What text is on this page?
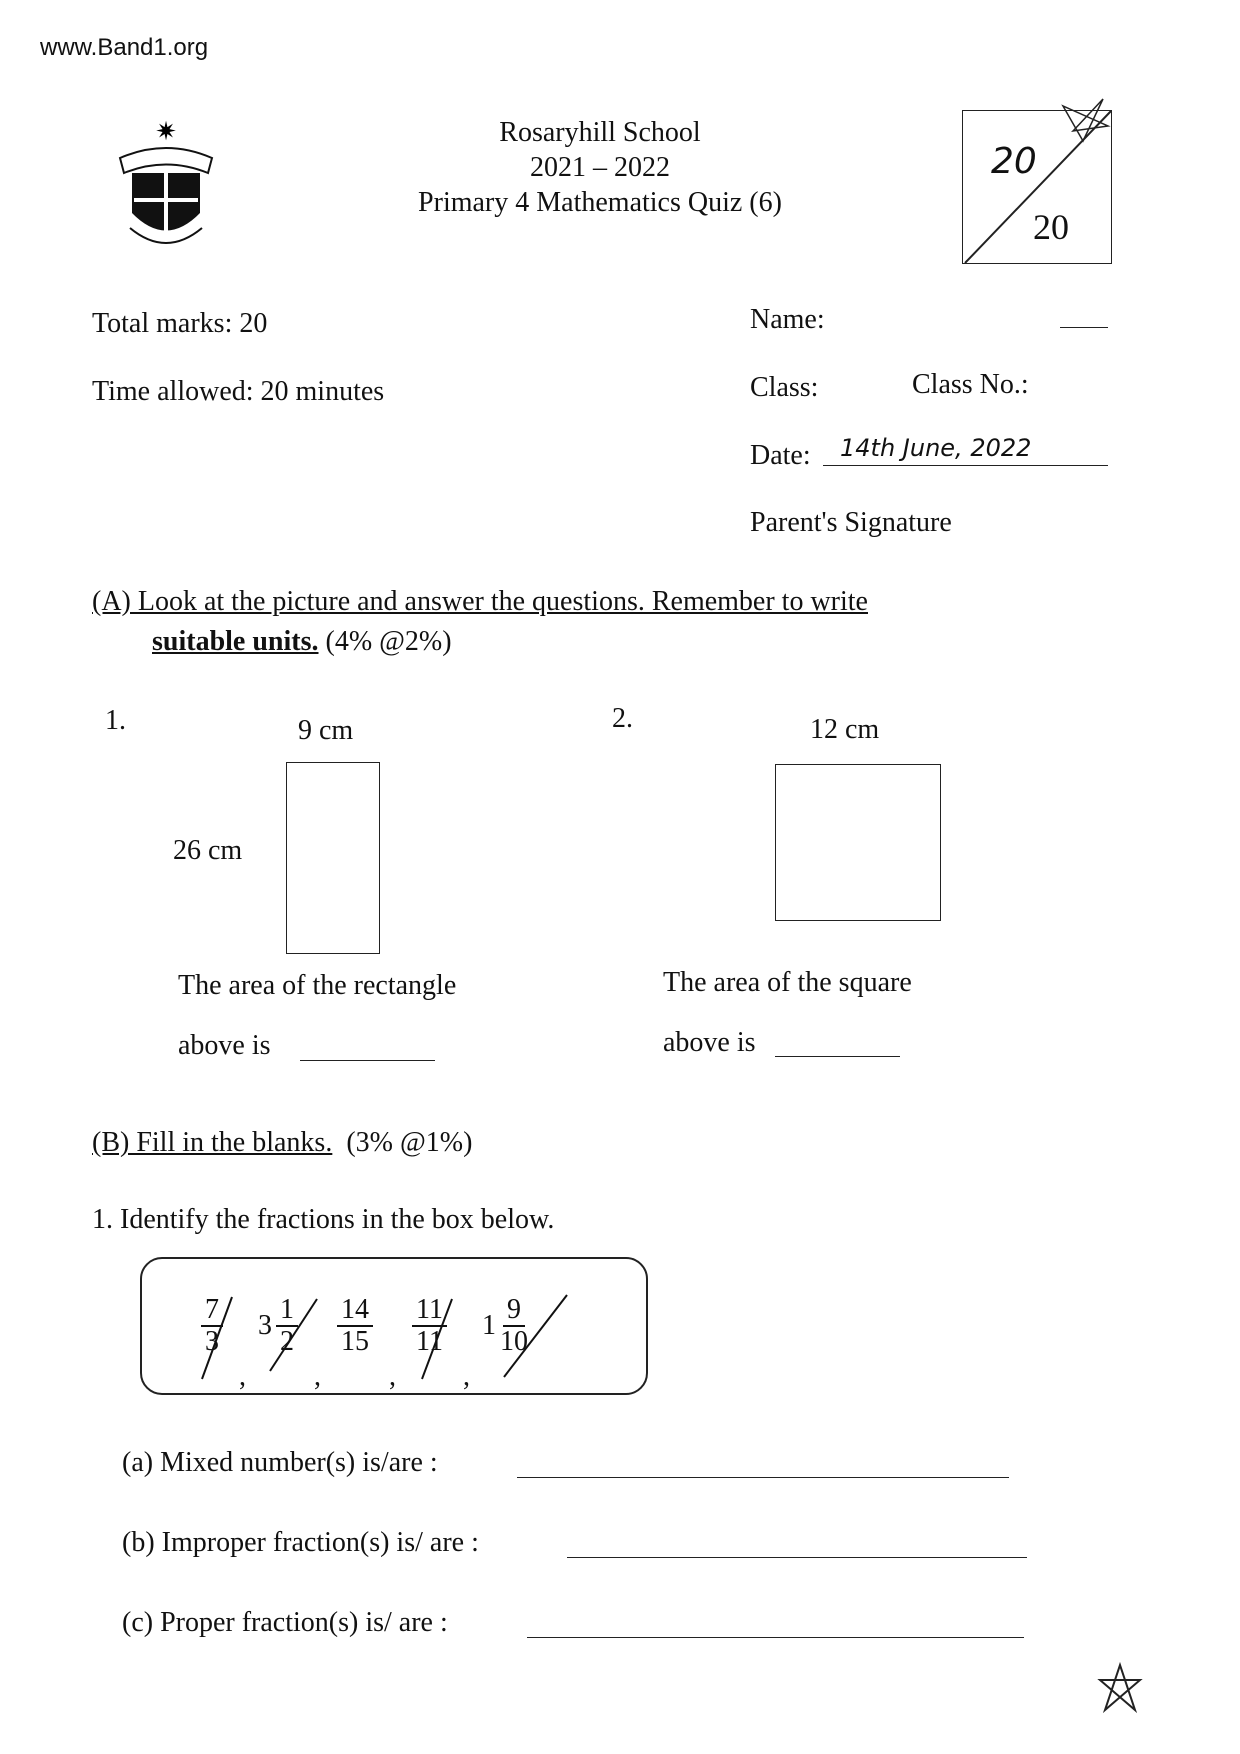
www.Band1.org
✷	Rosaryhill School
2021 – 2022
Primary 4 Mathematics Quiz (6)
20
20
Total marks: 20
Time allowed: 20 minutes
Name:
Class:	Class No.:
Date: 14th June, 2022
Parent's Signature
(A) Look at the picture and answer the questions. Remember to write
suitable units. (4% @2%)
1.	9 cm
26 cm
The area of the rectangle
above is
2.	12 cm
The area of the square
above is
(B) Fill in the blanks. (3% @1%)
1. Identify the fractions in the box below.
$\frac{7}{3}$
,
$3 \frac{1}{2}$
,
$\frac{14}{15}$
,
$\frac{11}{11}$
,
$1 \frac{9}{10}$
(a) Mixed number(s) is/are :
(b) Improper fraction(s) is/ are :
(c) Proper fraction(s) is/ are :
